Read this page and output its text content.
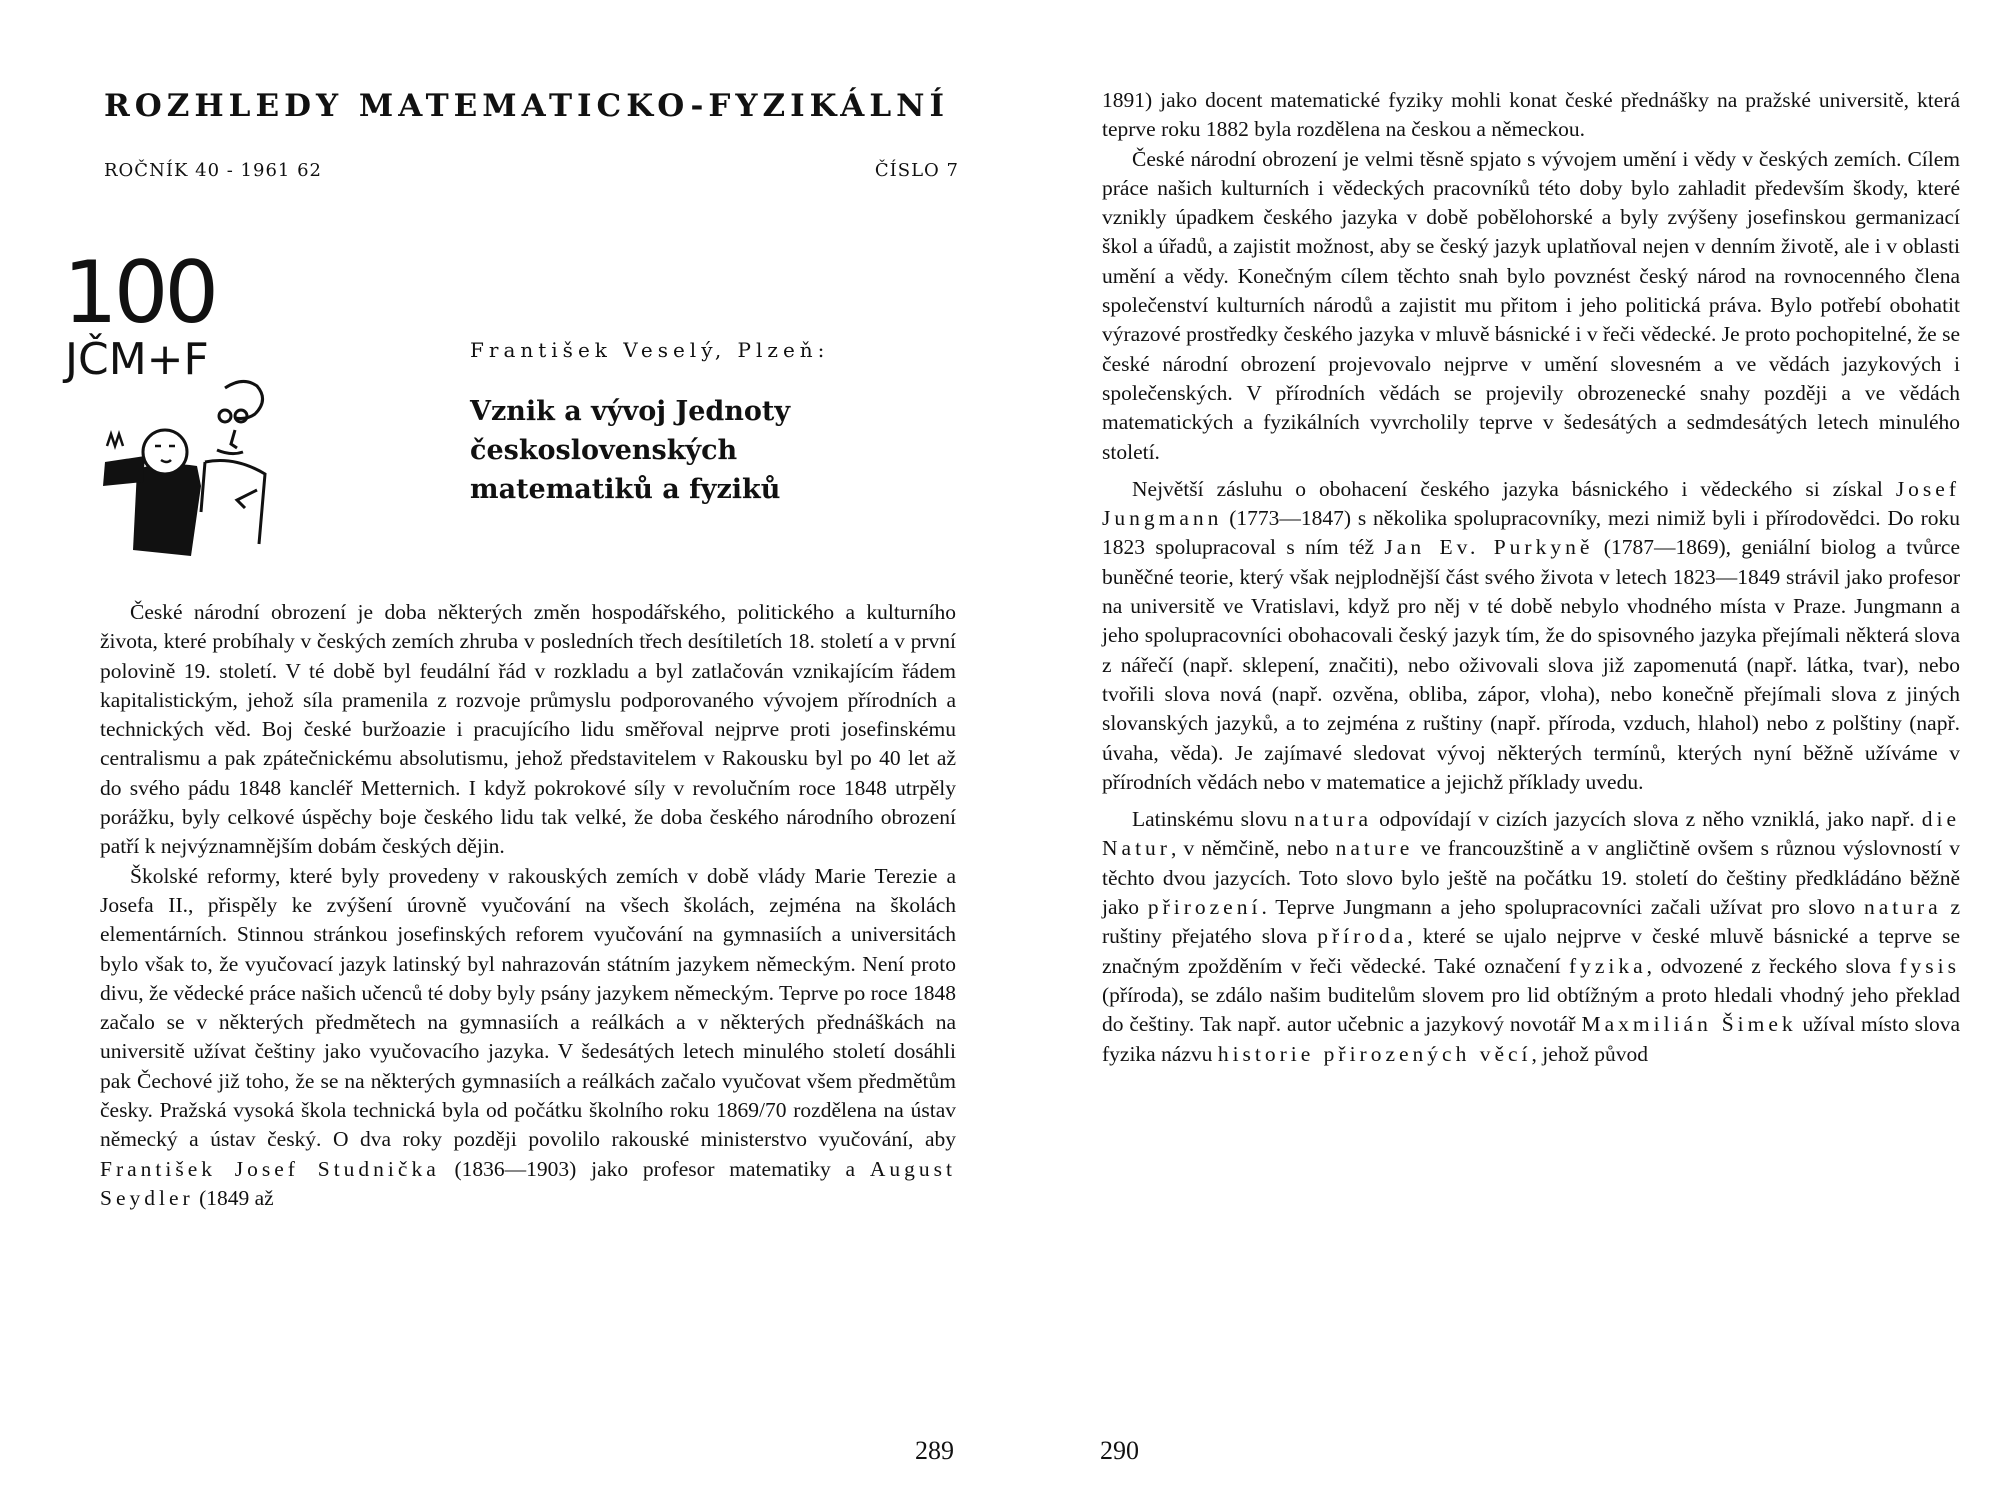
ROZHLEDY MATEMATICKO-FYZIKÁLNÍ
ROČNÍK 40 - 1961 62	ČÍSLO 7
100
JČM+F	František Veselý, Plzeň:
Vznik a vývoj Jednoty
československých
matematiků a fyziků

České národní obrození je doba některých změn hospodářského, politického a kulturního života, které probíhaly v českých zemích zhruba v posledních třech desítiletích 18. století a v první polovině 19. století. V té době byl feudální řád v rozkladu a byl zatlačován vznikajícím řádem kapitalistickým, jehož síla pramenila z rozvoje průmyslu podporovaného vývojem přírodních a technických věd. Boj české buržoazie i pracujícího lidu směřoval nejprve proti josefinskému centralismu a pak zpátečnickému absolutismu, jehož představitelem v Rakousku byl po 40 let až do svého pádu 1848 kancléř Metternich. I když pokrokové síly v revolučním roce 1848 utrpěly porážku, byly celkové úspěchy boje českého lidu tak velké, že doba českého národního obrození patří k nejvýznamnějším dobám českých dějin.

Školské reformy, které byly provedeny v rakouských zemích v době vlády Marie Terezie a Josefa II., přispěly ke zvýšení úrovně vyučování na všech školách, zejména na školách elementárních. Stinnou stránkou josefinských reforem vyučování na gymnasiích a universitách bylo však to, že vyučovací jazyk latinský byl nahrazován státním jazykem německým. Není proto divu, že vědecké práce našich učenců té doby byly psány jazykem německým. Teprve po roce 1848 začalo se v některých předmětech na gymnasiích a reálkách a v některých přednáškách na universitě užívat češtiny jako vyučovacího jazyka. V šedesátých letech minulého století dosáhli pak Čechové již toho, že se na některých gymnasiích a reálkách začalo vyučovat všem předmětům česky. Pražská vysoká škola technická byla od počátku školního roku 1869/70 rozdělena na ústav německý a ústav český. O dva roky později povolilo rakouské ministerstvo vyučování, aby František Josef Studnička (1836—1903) jako profesor matematiky a August Seydler (1849 až

289

1891) jako docent matematické fyziky mohli konat české přednášky na pražské universitě, která teprve roku 1882 byla rozdělena na českou a německou.

České národní obrození je velmi těsně spjato s vývojem umění i vědy v českých zemích. Cílem práce našich kulturních i vědeckých pracovníků této doby bylo zahladit především škody, které vznikly úpadkem českého jazyka v době pobělohorské a byly zvýšeny josefinskou germanizací škol a úřadů, a zajistit možnost, aby se český jazyk uplatňoval nejen v denním životě, ale i v oblasti umění a vědy. Konečným cílem těchto snah bylo povznést český národ na rovnocenného člena společenství kulturních národů a zajistit mu přitom i jeho politická práva. Bylo potřebí obohatit výrazové prostředky českého jazyka v mluvě básnické i v řeči vědecké. Je proto pochopitelné, že se české národní obrození projevovalo nejprve v umění slovesném a ve vědách jazykových i společenských. V přírodních vědách se projevily obrozenecké snahy později a ve vědách matematických a fyzikálních vyvrcholily teprve v šedesátých a sedmdesátých letech minulého století.

Největší zásluhu o obohacení českého jazyka básnického i vědeckého si získal Josef Jungmann (1773—1847) s několika spolupracovníky, mezi nimiž byli i přírodovědci. Do roku 1823 spolupracoval s ním též Jan Ev. Purkyně (1787—1869), geniální biolog a tvůrce buněčné teorie, který však nejplodnější část svého života v letech 1823—1849 strávil jako profesor na universitě ve Vratislavi, když pro něj v té době nebylo vhodného místa v Praze. Jungmann a jeho spolupracovníci obohacovali český jazyk tím, že do spisovného jazyka přejímali některá slova z nářečí (např. sklepení, značiti), nebo oživovali slova již zapomenutá (např. látka, tvar), nebo tvořili slova nová (např. ozvěna, obliba, zápor, vloha), nebo konečně přejímali slova z jiných slovanských jazyků, a to zejména z ruštiny (např. příroda, vzduch, hlahol) nebo z polštiny (např. úvaha, věda). Je zajímavé sledovat vývoj některých termínů, kterých nyní běžně užíváme v přírodních vědách nebo v matematice a jejichž příklady uvedu.

Latinskému slovu natura odpovídají v cizích jazycích slova z něho vzniklá, jako např. die Natur, v němčině, nebo nature ve francouzštině a v angličtině ovšem s různou výslovností v těchto dvou jazycích. Toto slovo bylo ještě na počátku 19. století do češtiny předkládáno běžně jako přirození. Teprve Jungmann a jeho spolupracovníci začali užívat pro slovo natura z ruštiny přejatého slova příroda, které se ujalo nejprve v české mluvě básnické a teprve se značným zpožděním v řeči vědecké. Také označení fyzika, odvozené z řeckého slova fysis (příroda), se zdálo našim buditelům slovem pro lid obtížným a proto hledali vhodný jeho překlad do češtiny. Tak např. autor učebnic a jazykový novotář Maxmilián Šimek užíval místo slova fyzika názvu historie přirozených věcí, jehož původ

290
